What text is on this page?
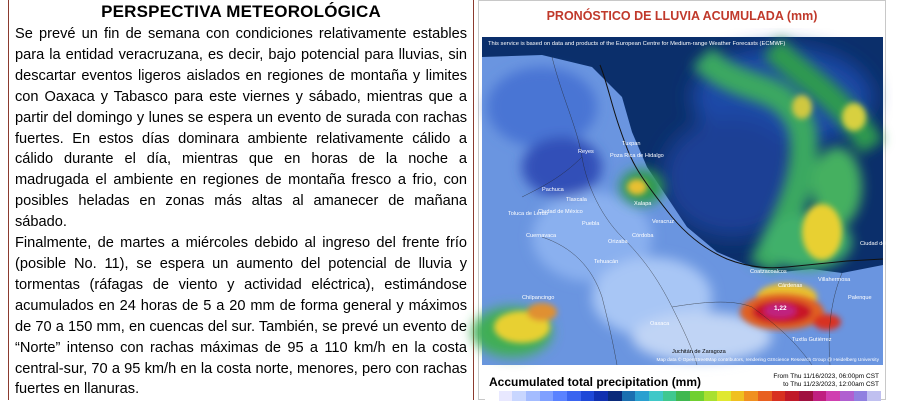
PERSPECTIVA METEOROLÓGICA

Se prevé un fin de semana con condiciones relativamente estables para la entidad veracruzana, es decir, bajo potencial para lluvias, sin descartar eventos ligeros aislados en regiones de montaña y limites con Oaxaca y Tabasco para este viernes y sábado, mientras que a partir del domingo y lunes se espera un evento de surada con rachas fuertes. En estos días dominara ambiente relativamente cálido a cálido durante el día, mientras que en horas de la noche a madrugada el ambiente en regiones de montaña fresco a frio, con posibles heladas en zonas más altas al amanecer de mañana sábado.

Finalmente, de martes a miércoles debido al ingreso del frente frío (posible No. 11), se espera un aumento del potencial de lluvia y tormentas (ráfagas de viento y actividad eléctrica), estimándose acumulados en 24 horas de 5 a 20 mm de forma general y máximos de 70 a 150 mm, en cuencas del sur. También, se prevé un evento de “Norte” intenso con rachas máximas de 95 a 110 km/h en la costa central-sur, 70 a 95 km/h en la costa norte, menores, pero con rachas fuertes en llanuras.

PRONÓSTICO DE LLUVIA ACUMULADA (mm)
This service is based on data and products of the European Centre for Medium-range Weather Forecasts (ECMWF)
Reyes
Poza Rica de Hidalgo
Tuxpan
Pachuca
Tlaxcala
Toluca de Lerdo
Ciudad de México
Cuernavaca
Puebla
Xalapa
Veracruz
Córdoba
Orizaba
Tehuacán
Chilpancingo
Oaxaca
Juchitán de Zaragoza
Coatzacoalcos
Villahermosa
Cárdenas
Palenque
Ciudad del Carmen
Tuxtla Gutiérrez
1,22
Map data © OpenStreetMap contributors, rendering GIScience Research Group @ Heidelberg University
Accumulated total precipitation (mm)	From Thu 11/16/2023, 06:00pm CST
to Thu 11/23/2023, 12:00am CST
